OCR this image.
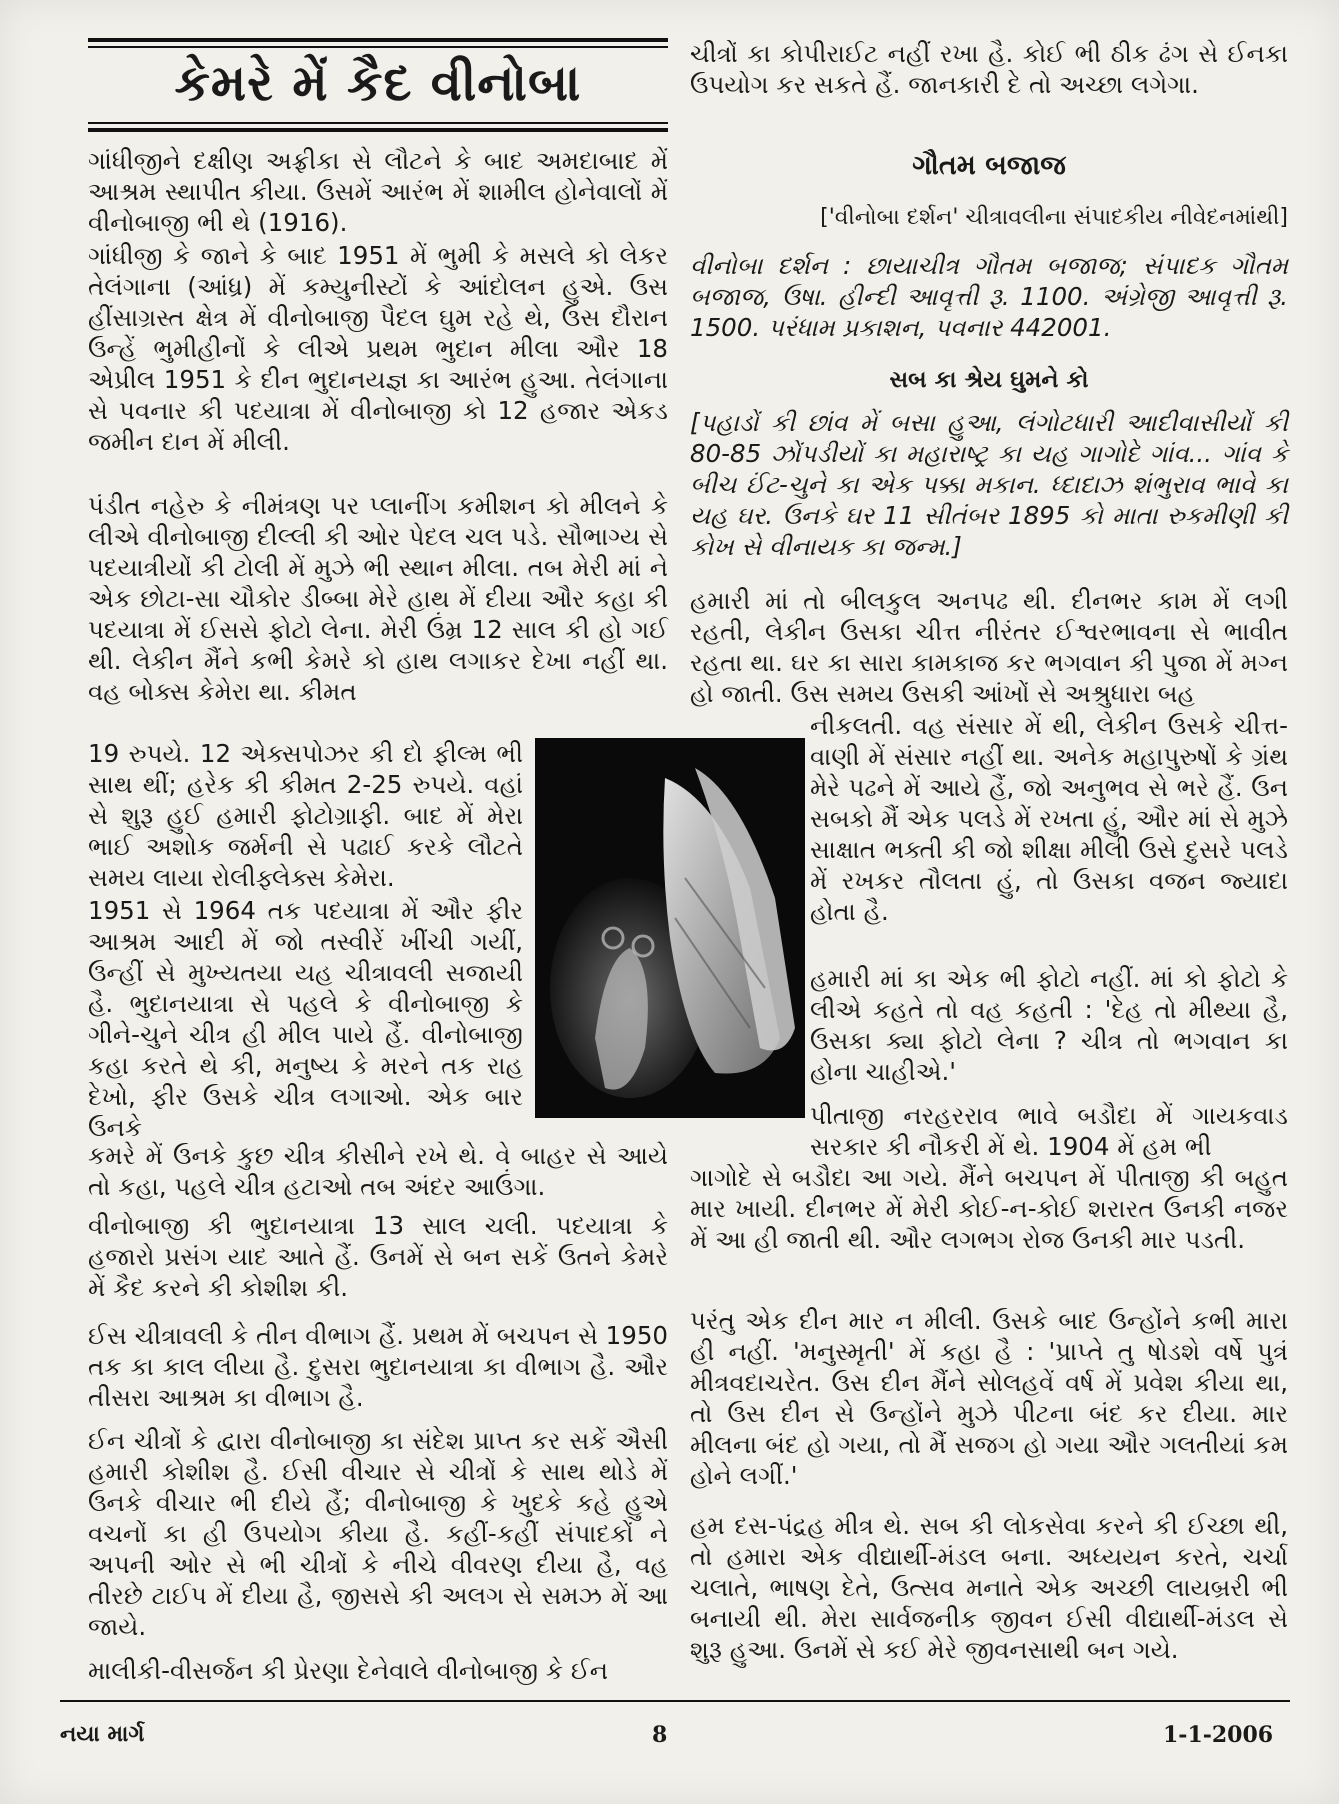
કેમરે મેં કૈદ વીનોબા

ગાંધીજીને દક્ષીણ અફ્રીકા સે લૌટને કે બાદ અમદાબાદ મેં આશ્રમ સ્થાપીત કીયા. ઉસમેં આરંભ મેં શામીલ હોનેવાલોં મેં વીનોબાજી ભી થે (1916).

ગાંધીજી કે જાને કે બાદ 1951 મેં ભુમી કે મસલે કો લેકર તેલંગાના (આંધ્ર) મેં કમ્યુનીસ્ટોં કે આંદોલન હુએ. ઉસ હીંસાગ્રસ્ત ક્ષેત્ર મેં વીનોબાજી પૈદલ ઘુમ રહે થે, ઉસ દૌરાન ઉન્હેં ભુમીહીનોં કે લીએ પ્રથમ ભુદાન મીલા ઔર 18 એપ્રીલ 1951 કે દીન ભુદાનયજ્ઞ કા આરંભ હુઆ. તેલંગાના સે પવનાર કી પદયાત્રા મેં વીનોબાજી કો 12 હજાર એકડ જમીન દાન મેં મીલી.

પંડીત નહેરુ કે નીમંત્રણ પર પ્લાનીંગ કમીશન કો મીલને કે લીએ વીનોબાજી દીલ્લી કી ઓર પેદલ ચલ પડે. સૌભાગ્ય સે પદયાત્રીયોં કી ટોલી મેં મુઝે ભી સ્થાન મીલા. તબ મેરી માં ને એક છોટા-સા ચૌકોર ડીબ્બા મેરે હાથ મેં દીયા ઔર કહા કી પદયાત્રા મેં ઈસસે ફોટો લેના. મેરી ઉંમ્ર 12 સાલ કી હો ગઈ થી. લેકીન મૈંને કભી કેમરે કો હાથ લગાકર દેખા નહીં થા. વહ બોક્સ કેમેરા થા. કીમત

19 રુપયે. 12 એક્સપોઝર કી દો ફીલ્મ ભી સાથ થીં; હરેક કી કીમત 2-25 રુપયે. વહાં સે શુરૂ હુઈ હમારી ફોટોગ્રાફી. બાદ મેં મેરા ભાઈ અશોક જર્મની સે પઢાઈ કરકે લૌટતે સમય લાયા રોલીફ્લેક્સ કેમેરા.

1951 સે 1964 તક પદયાત્રા મેં ઔર ફીર આશ્રમ આદી મેં જો તસ્વીરેં ખીંચી ગયીં, ઉન્હીં સે મુખ્યતયા યહ ચીત્રાવલી સજાયી હૈ. ભુદાનયાત્રા સે પહલે કે વીનોબાજી કે ગીને-ચુને ચીત્ર હી મીલ પાયે હૈં. વીનોબાજી કહા કરતે થે કી, મનુષ્ય કે મરને તક રાહ દેખો, ફીર ઉસકે ચીત્ર લગાઓ. એક બાર ઉનકે

કમરે મેં ઉનકે કુછ ચીત્ર કીસીને રખે થે. વે બાહર સે આયે તો કહા, પહલે ચીત્ર હટાઓ તબ અંદર આઉંગા.

વીનોબાજી કી ભુદાનયાત્રા 13 સાલ ચલી. પદયાત્રા કે હજારો પ્રસંગ યાદ આતે હૈં. ઉનમેં સે બન સકેં ઉતને કેમરે મેં કૈદ કરને કી કોશીશ કી.

ઈસ ચીત્રાવલી કે તીન વીભાગ હૈં. પ્રથમ મેં બચપન સે 1950 તક કા કાલ લીયા હૈ. દુસરા ભુદાનયાત્રા કા વીભાગ હૈ. ઔર તીસરા આશ્રમ કા વીભાગ હૈ.

ઈન ચીત્રોં કે દ્વારા વીનોબાજી કા સંદેશ પ્રાપ્ત કર સકેં ઐસી હમારી કોશીશ હૈ. ઈસી વીચાર સે ચીત્રોં કે સાથ થોડે મેં ઉનકે વીચાર ભી દીયે હૈં; વીનોબાજી કે ખુદકે કહે હુએ વચનોં કા હી ઉપયોગ કીયા હૈ. કહીં-કહીં સંપાદકોં ને અપની ઓર સે ભી ચીત્રોં કે નીચે વીવરણ દીયા હૈ, વહ તીરછે ટાઈપ મેં દીયા હૈ, જીસસે કી અલગ સે સમઝ મેં આ જાયે.

માલીકી-વીસર્જન કી પ્રેરણા દેનેવાલે વીનોબાજી કે ઈન

ચીત્રોં કા કોપીરાઈટ નહીં રખા હૈ. કોઈ ભી ઠીક ઢંગ સે ઈનકા ઉપયોગ કર સકતે હૈં. જાનકારી દે તો અચ્છા લગેગા.

ગૌતમ બજાજ
['વીનોબા દર્શન' ચીત્રાવલીના સંપાદકીય નીવેદનમાંથી]

વીનોબા દર્શન : છાયાચીત્ર ગૌતમ બજાજ; સંપાદક ગૌતમ બજાજ, ઉષા. હીન્દી આવૃત્તી રૂ. 1100. અંગ્રેજી આવૃત્તી રૂ. 1500. પરંધામ પ્રકાશન, પવનાર 442001.

સબ કા શ્રેય ઘુમને કો

[પહાડોં કી છાંવ મેં બસા હુઆ, લંગોટધારી આદીવાસીયોં કી 80-85 ઝોંપડીયોં કા મહારાષ્ટ્ર કા યહ ગાગોદે ગાંવ... ગાંવ કે બીચ ઈંટ-ચુને કા એક પક્કા મકાન. ધ્દાદાઝ શંભુરાવ ભાવે કા યહ ઘર. ઉનકે ઘર 11 સીતંબર 1895 કો માતા રુકમીણી કી કોખ સે વીનાયક કા જન્મ.]

હમારી માં તો બીલકુલ અનપઢ થી. દીનભર કામ મેં લગી રહતી, લેકીન ઉસકા ચીત્ત નીરંતર ઈશ્વરભાવના સે ભાવીત રહતા થા. ઘર કા સારા કામકાજ કર ભગવાન કી પુજા મેં મગ્ન હો જાતી. ઉસ સમય ઉસકી આંખોં સે અશ્રુધારા બહ

નીકલતી. વહ સંસાર મેં થી, લેકીન ઉસકે ચીત્ત-વાણી મેં સંસાર નહીં થા. અનેક મહાપુરુષોં કે ગ્રંથ મેરે પઢને મેં આયે હૈં, જો અનુભવ સે ભરે હૈં. ઉન સબકો મૈં એક પલડે મેં રખતા હું, ઔર માં સે મુઝે સાક્ષાત ભક્તી કી જો શીક્ષા મીલી ઉસે દુસરે પલડે મેં રખકર તૌલતા હું, તો ઉસકા વજન જ્યાદા હોતા હૈ.

હમારી માં કા એક ભી ફોટો નહીં. માં કો ફોટો કે લીએ કહતે તો વહ કહતી : 'દેહ તો મીથ્યા હૈ, ઉસકા ક્યા ફોટો લેના ? ચીત્ર તો ભગવાન કા હોના ચાહીએ.'

પીતાજી નરહરરાવ ભાવે બડૌદા મેં ગાયકવાડ સરકાર કી નૌકરી મેં થે. 1904 મેં હમ ભી

ગાગોદે સે બડૌદા આ ગયે. મૈંને બચપન મેં પીતાજી કી બહુત માર ખાયી. દીનભર મેં મેરી કોઈ-ન-કોઈ શરારત ઉનકી નજર મેં આ હી જાતી થી. ઔર લગભગ રોજ ઉનકી માર પડતી.

પરંતુ એક દીન માર ન મીલી. ઉસકે બાદ ઉન્હોંને કભી મારા હી નહીં. 'મનુસ્મૃતી' મેં કહા હૈ : 'પ્રાપ્તે તુ ષોડશે વર્ષે પુત્રં મીત્રવદાચરેત. ઉસ દીન મૈંને સોલહવેં વર્ષ મેં પ્રવેશ કીયા થા, તો ઉસ દીન સે ઉન્હોંને મુઝે પીટના બંદ કર દીયા. માર મીલના બંદ હો ગયા, તો મૈં સજગ હો ગયા ઔર ગલતીયાં કમ હોને લગીં.'

હમ દસ-પંદ્રહ મીત્ર થે. સબ કી લોકસેવા કરને કી ઈચ્છા થી, તો હમારા એક વીદ્યાર્થી-મંડલ બના. અધ્યયન કરતે, ચર્ચા ચલાતે, ભાષણ દેતે, ઉત્સવ મનાતે એક અચ્છી લાયબ્રરી ભી બનાયી થી. મેરા સાર્વજનીક જીવન ઈસી વીદ્યાર્થી-મંડલ સે શુરૂ હુઆ. ઉનમેં સે કઈ મેરે જીવનસાથી બન ગયે.

નયા માર્ગ	8	1-1-2006
